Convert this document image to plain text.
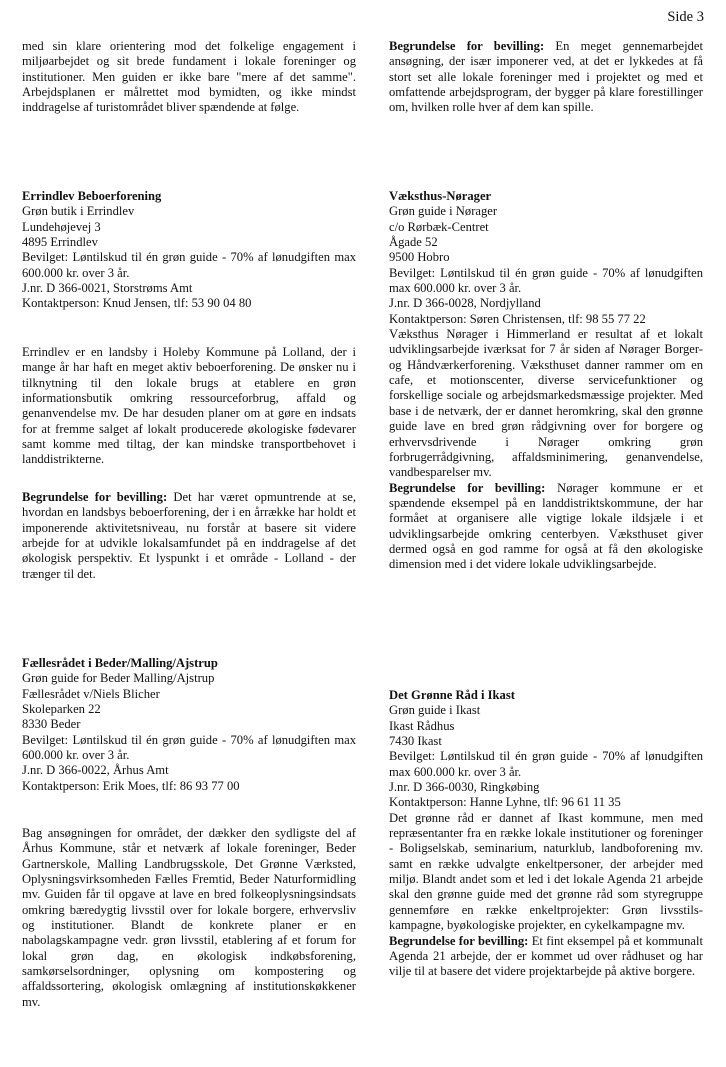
Side 3
med sin klare orientering mod det folkelige engagement i miljøarbejdet og sit brede fundament i lokale foreninger og institutioner. Men guiden er ikke bare "mere af det samme". Arbejdsplanen er målrettet mod bymidten, og ikke mindst inddragelse af turistområdet bliver spændende at følge.
Errindlev Beboerforening
Grøn butik i Errindlev
Lundehøjevej 3
4895 Errindlev
Bevilget: Løntilskud til én grøn guide - 70% af lønudgiften max 600.000 kr. over 3 år.
J.nr. D 366-0021, Storstrøms Amt
Kontaktperson: Knud Jensen, tlf: 53 90 04 80
Errindlev er en landsby i Holeby Kommune på Lolland, der i mange år har haft en meget aktiv beboerforening. De ønsker nu i tilknytning til den lokale brugs at etablere en grøn informationsbutik omkring ressourceforbrug, affald og genanvendelse mv. De har desuden planer om at gøre en indsats for at fremme salget af lokalt producerede økologiske fødevarer samt komme med tiltag, der kan mindske transportbehovet i landdistrikterne.
Begrundelse for bevilling: Det har været opmuntrende at se, hvordan en landsbys beboerforening, der i en årrække har holdt et imponerende aktivitetsniveau, nu forstår at basere sit videre arbejde for at udvikle lokalsamfundet på en inddragelse af det økologisk perspektiv. Et lyspunkt i et område - Lolland - der trænger til det.
Fællesrådet i Beder/Malling/Ajstrup
Grøn guide for Beder Malling/Ajstrup
Fællesrådet v/Niels Blicher
Skoleparken 22
8330 Beder
Bevilget: Løntilskud til én grøn guide - 70% af lønudgiften max 600.000 kr. over 3 år.
J.nr. D 366-0022, Århus Amt
Kontaktperson: Erik Moes, tlf: 86 93 77 00
Bag ansøgningen for området, der dækker den sydligste del af Århus Kommune, står et netværk af lokale foreninger, Beder Gartnerskole, Malling Landbrugsskole, Det Grønne Værksted, Oplysningsvirksomheden Fælles Fremtid, Beder Naturformidling mv. Guiden får til opgave at lave en bred folkeoplysningsindsats omkring bæredygtig livsstil over for lokale borgere, erhvervsliv og institutioner. Blandt de konkrete planer er en nabolagskampagne vedr. grøn livsstil, etablering af et forum for lokal grøn dag, en økologisk indkøbsforening, samkørselsordninger, oplysning om kompostering og affaldssortering, økologisk omlægning af institutionskøkkener mv.
Begrundelse for bevilling: En meget gennemarbejdet ansøgning, der især imponerer ved, at det er lykkedes at få stort set alle lokale foreninger med i projektet og med et omfattende arbejdsprogram, der bygger på klare forestillinger om, hvilken rolle hver af dem kan spille.
Væksthus-Nørager
Grøn guide i Nørager
c/o Rørbæk-Centret
Ågade 52
9500 Hobro
Bevilget: Løntilskud til én grøn guide - 70% af lønudgiften max 600.000 kr. over 3 år.
J.nr. D 366-0028, Nordjylland
Kontaktperson: Søren Christensen, tlf: 98 55 77 22
Væksthus Nørager i Himmerland er resultat af et lokalt udviklingsarbejde iværksat for 7 år siden af Nørager Borger- og Håndværkerforening. Væksthuset danner rammer om en cafe, et motionscenter, diverse servicefunktioner og forskellige sociale og arbejdsmarkedsmæssige projekter. Med base i de netværk, der er dannet heromkring, skal den grønne guide lave en bred grøn rådgivning over for borgere og erhvervsdrivende i Nørager omkring grøn forbrugerrådgivning, affaldsminimering, genanvendelse, vandbesparelser mv.
Begrundelse for bevilling: Nørager kommune er et spændende eksempel på en landdistriktskommune, der har formået at organisere alle vigtige lokale ildsjæle i et udviklingsarbejde omkring centerbyen. Væksthuset giver dermed også en god ramme for også at få den økologiske dimension med i det videre lokale udviklingsarbejde.
Det Grønne Råd i Ikast
Grøn guide i Ikast
Ikast Rådhus
7430 Ikast
Bevilget: Løntilskud til én grøn guide - 70% af lønudgiften max 600.000 kr. over 3 år.
J.nr. D 366-0030, Ringkøbing
Kontaktperson: Hanne Lyhne, tlf: 96 61 11 35
Det grønne råd er dannet af Ikast kommune, men med repræsentanter fra en række lokale institutioner og foreninger - Boligselskab, seminarium, naturklub, landboforening mv. samt en række udvalgte enkeltpersoner, der arbejder med miljø. Blandt andet som et led i det lokale Agenda 21 arbejde skal den grønne guide med det grønne råd som styregruppe gennemføre en række enkeltprojekter: Grøn livsstils-kampagne, byøkologiske projekter, en cykelkampagne mv.
Begrundelse for bevilling: Et fint eksempel på et kommunalt Agenda 21 arbejde, der er kommet ud over rådhuset og har vilje til at basere det videre projektarbejde på aktive borgere.
